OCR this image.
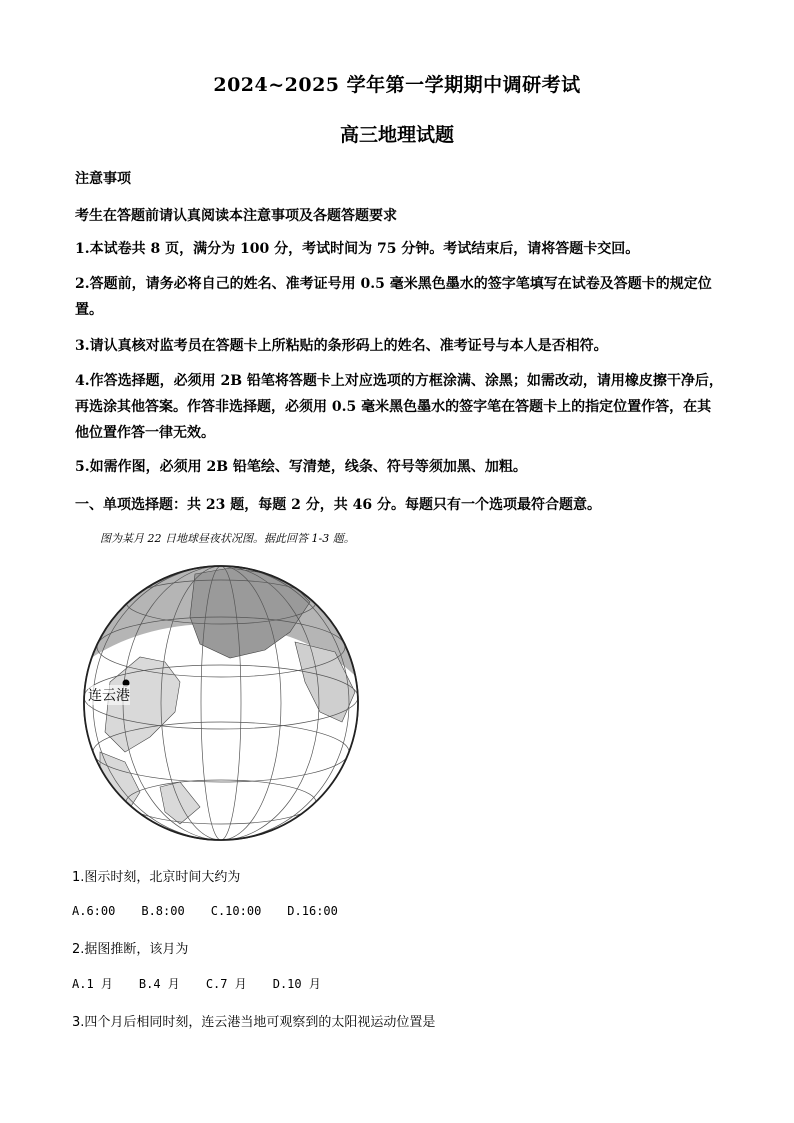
2024~2025 学年第一学期期中调研考试
高三地理试题
注意事项
考生在答题前请认真阅读本注意事项及各题答题要求

1.本试卷共 8 页，满分为 100 分，考试时间为 75 分钟。考试结束后，请将答题卡交回。

2.答题前，请务必将自己的姓名、准考证号用 0.5 毫米黑色墨水的签字笔填写在试卷及答题卡的规定位置。

3.请认真核对监考员在答题卡上所粘贴的条形码上的姓名、准考证号与本人是否相符。

4.作答选择题，必须用 2B 铅笔将答题卡上对应选项的方框涂满、涂黑；如需改动，请用橡皮擦干净后，再选涂其他答案。作答非选择题，必须用 0.5 毫米黑色墨水的签字笔在答题卡上的指定位置作答，在其他位置作答一律无效。

5.如需作图，必须用 2B 铅笔绘、写清楚，线条、符号等须加黑、加粗。

一、单项选择题：共 23 题，每题 2 分，共 46 分。每题只有一个选项最符合题意。
图为某月 22 日地球昼夜状况图。据此回答 1-3 题。
连云港
1.图示时刻，北京时间大约为
A.6:00 B.8:00 C.10:00 D.16:00
2.据图推断，该月为
A.1 月 B.4 月 C.7 月 D.10 月
3.四个月后相同时刻，连云港当地可观察到的太阳视运动位置是
